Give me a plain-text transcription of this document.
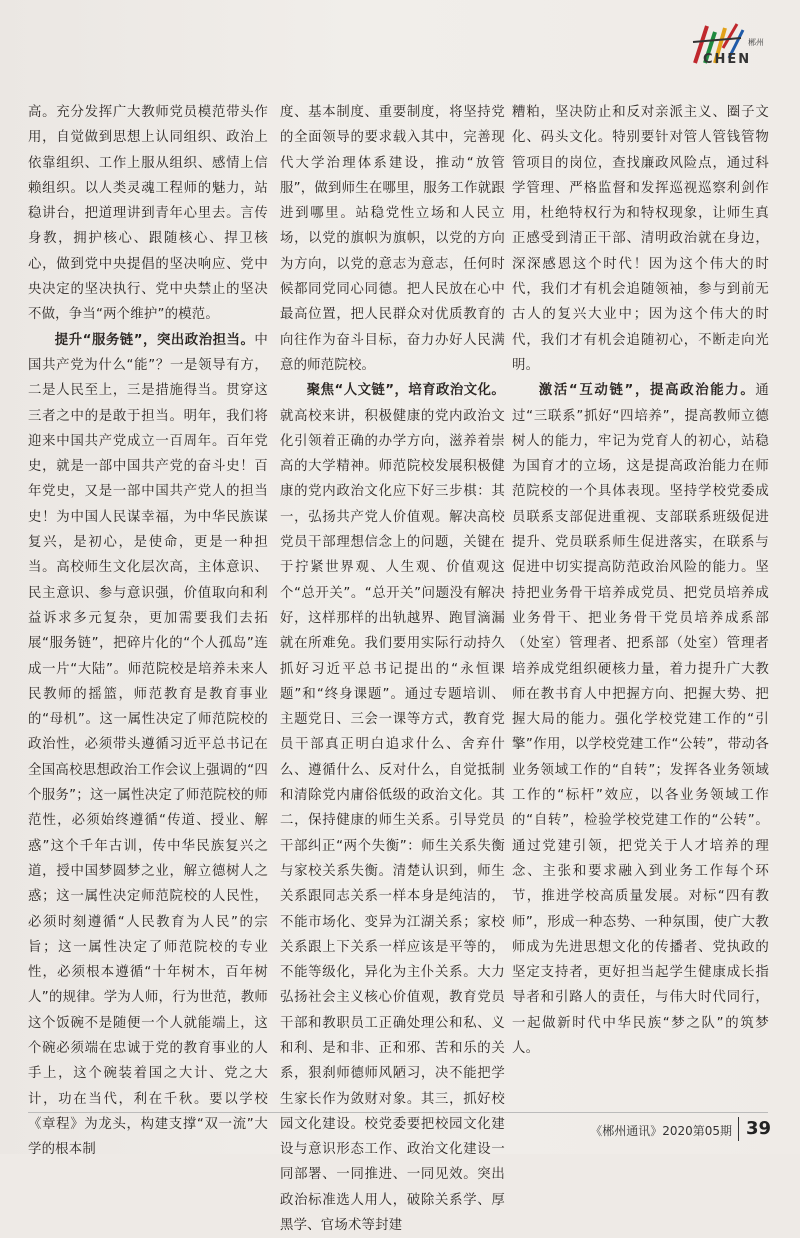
郴州
CHEN

高。充分发挥广大教师党员模范带头作用，自觉做到思想上认同组织、政治上依靠组织、工作上服从组织、感情上信赖组织。以人类灵魂工程师的魅力，站稳讲台，把道理讲到青年心里去。言传身教，拥护核心、跟随核心、捍卫核心，做到党中央提倡的坚决响应、党中央决定的坚决执行、党中央禁止的坚决不做，争当“两个维护”的模范。

提升“服务链”，突出政治担当。中国共产党为什么“能”？一是领导有方，二是人民至上，三是措施得当。贯穿这三者之中的是敢于担当。明年，我们将迎来中国共产党成立一百周年。百年党史，就是一部中国共产党的奋斗史！百年党史，又是一部中国共产党人的担当史！为中国人民谋幸福，为中华民族谋复兴，是初心，是使命，更是一种担当。高校师生文化层次高，主体意识、民主意识、参与意识强，价值取向和利益诉求多元复杂，更加需要我们去拓展“服务链”，把碎片化的“个人孤岛”连成一片“大陆”。师范院校是培养未来人民教师的摇篮，师范教育是教育事业的“母机”。这一属性决定了师范院校的政治性，必须带头遵循习近平总书记在全国高校思想政治工作会议上强调的“四个服务”；这一属性决定了师范院校的师范性，必须始终遵循“传道、授业、解惑”这个千年古训，传中华民族复兴之道，授中国梦圆梦之业，解立德树人之惑；这一属性决定师范院校的人民性，必须时刻遵循“人民教育为人民”的宗旨；这一属性决定了师范院校的专业性，必须根本遵循“十年树木，百年树人”的规律。学为人师，行为世范，教师这个饭碗不是随便一个人就能端上，这个碗必须端在忠诚于党的教育事业的人手上，这个碗装着国之大计、党之大计，功在当代，利在千秋。要以学校《章程》为龙头，构建支撑“双一流”大学的根本制

度、基本制度、重要制度，将坚持党的全面领导的要求载入其中，完善现代大学治理体系建设，推动“放管服”，做到师生在哪里，服务工作就跟进到哪里。站稳党性立场和人民立场，以党的旗帜为旗帜，以党的方向为方向，以党的意志为意志，任何时候都同党同心同德。把人民放在心中最高位置，把人民群众对优质教育的向往作为奋斗目标，奋力办好人民满意的师范院校。

聚焦“人文链”，培育政治文化。就高校来讲，积极健康的党内政治文化引领着正确的办学方向，滋养着崇高的大学精神。师范院校发展积极健康的党内政治文化应下好三步棋：其一，弘扬共产党人价值观。解决高校党员干部理想信念上的问题，关键在于拧紧世界观、人生观、价值观这个“总开关”。“总开关”问题没有解决好，这样那样的出轨越界、跑冒滴漏就在所难免。我们要用实际行动持久抓好习近平总书记提出的“永恒课题”和“终身课题”。通过专题培训、主题党日、三会一课等方式，教育党员干部真正明白追求什么、舍弃什么、遵循什么、反对什么，自觉抵制和清除党内庸俗低级的政治文化。其二，保持健康的师生关系。引导党员干部纠正“两个失衡”：师生关系失衡与家校关系失衡。清楚认识到，师生关系跟同志关系一样本身是纯洁的，不能市场化、变异为江湖关系；家校关系跟上下关系一样应该是平等的，不能等级化，异化为主仆关系。大力弘扬社会主义核心价值观，教育党员干部和教职员工正确处理公和私、义和利、是和非、正和邪、苦和乐的关系，狠刹师德师风陋习，决不能把学生家长作为敛财对象。其三，抓好校园文化建设。校党委要把校园文化建设与意识形态工作、政治文化建设一同部署、一同推进、一同见效。突出政治标准选人用人，破除关系学、厚黑学、官场术等封建

糟粕，坚决防止和反对亲派主义、圈子文化、码头文化。特别要针对管人管钱管物管项目的岗位，查找廉政风险点，通过科学管理、严格监督和发挥巡视巡察利剑作用，杜绝特权行为和特权现象，让师生真正感受到清正干部、清明政治就在身边，深深感恩这个时代！因为这个伟大的时代，我们才有机会追随领袖，参与到前无古人的复兴大业中；因为这个伟大的时代，我们才有机会追随初心，不断走向光明。

激活“互动链”，提高政治能力。通过“三联系”抓好“四培养”，提高教师立德树人的能力，牢记为党育人的初心，站稳为国育才的立场，这是提高政治能力在师范院校的一个具体表现。坚持学校党委成员联系支部促进重视、支部联系班级促进提升、党员联系师生促进落实，在联系与促进中切实提高防范政治风险的能力。坚持把业务骨干培养成党员、把党员培养成业务骨干、把业务骨干党员培养成系部（处室）管理者、把系部（处室）管理者培养成党组织硬核力量，着力提升广大教师在教书育人中把握方向、把握大势、把握大局的能力。强化学校党建工作的“引擎”作用，以学校党建工作“公转”，带动各业务领域工作的“自转”；发挥各业务领域工作的“标杆”效应，以各业务领域工作的“自转”，检验学校党建工作的“公转”。通过党建引领，把党关于人才培养的理念、主张和要求融入到业务工作每个环节，推进学校高质量发展。对标“四有教师”，形成一种态势、一种氛围，使广大教师成为先进思想文化的传播者、党执政的坚定支持者，更好担当起学生健康成长指导者和引路人的责任，与伟大时代同行，一起做新时代中华民族“梦之队”的筑梦人。

《郴州通讯》2020第05期 39
